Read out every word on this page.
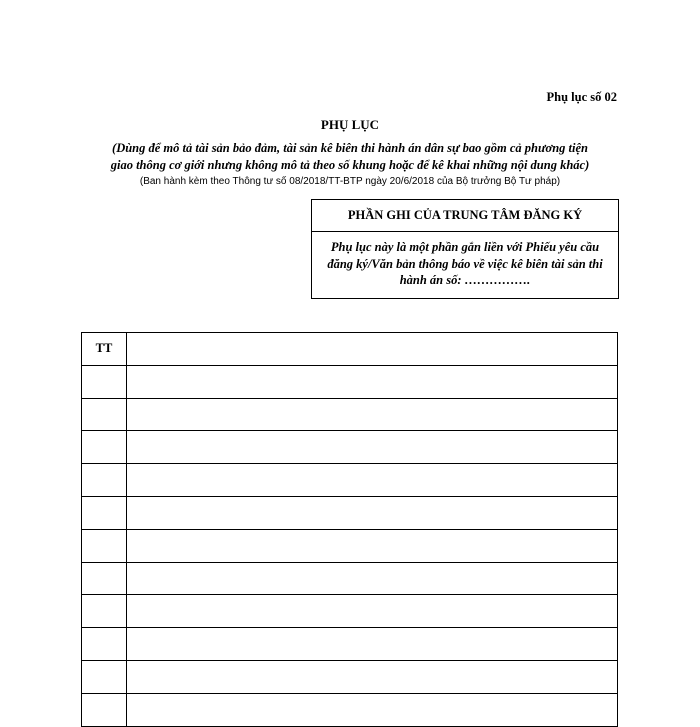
Phụ lục số 02
PHỤ LỤC
(Dùng để mô tả tài sản bảo đảm, tài sản kê biên thi hành án dân sự bao gồm cả phương tiện
giao thông cơ giới nhưng không mô tả theo số khung hoặc để kê khai những nội dung khác)
(Ban hành kèm theo Thông tư số 08/2018/TT-BTP ngày 20/6/2018 của Bộ trưởng Bộ Tư pháp)
PHẦN GHI CỦA TRUNG TÂM ĐĂNG KÝ
Phụ lục này là một phần gắn liền với Phiếu yêu cầu
đăng ký/Văn bản thông báo về việc kê biên tài sản thi
hành án số: …………….
TT	
